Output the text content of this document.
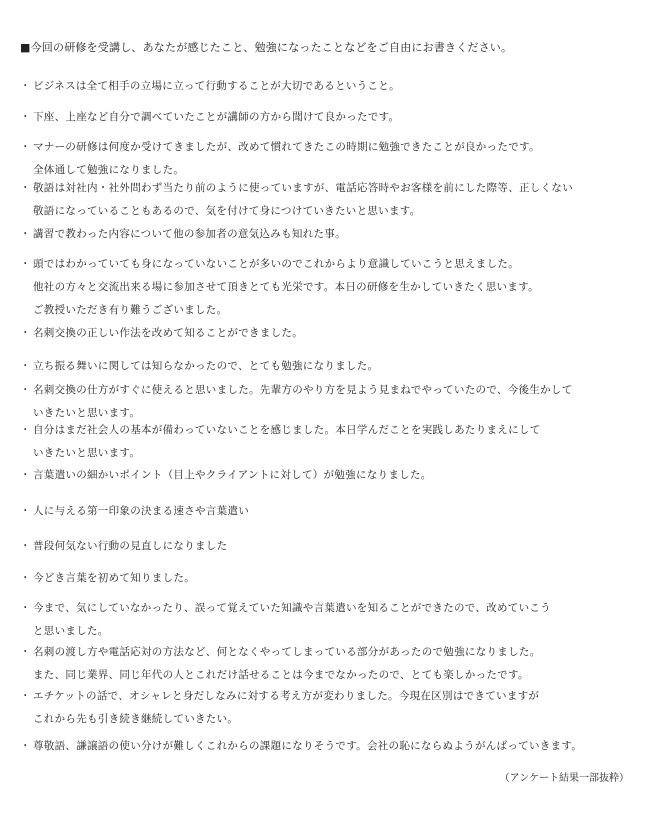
■今回の研修を受講し、あなたが感じたこと、勉強になったことなどをご自由にお書きください。
・ ビジネスは全て相手の立場に立って行動することが大切であるということ。
・ 下座、上座など自分で調べていたことが講師の方から聞けて良かったです。
・ マナーの研修は何度か受けてきましたが、改めて慣れてきたこの時期に勉強できたことが良かったです。
全体通して勉強になりました。
・ 敬語は対社内・社外問わず当たり前のように使っていますが、電話応答時やお客様を前にした際等、正しくない
敬語になっていることもあるので、気を付けて身につけていきたいと思います。
・ 講習で教わった内容について他の参加者の意気込みも知れた事。
・ 頭ではわかっていても身になっていないことが多いのでこれからより意識していこうと思えました。
他社の方々と交流出来る場に参加させて頂きとても光栄です。本日の研修を生かしていきたく思います。
ご教授いただき有り難うございました。
・ 名刺交換の正しい作法を改めて知ることができました。
・ 立ち振る舞いに関しては知らなかったので、とても勉強になりました。
・ 名刺交換の仕方がすぐに使えると思いました。先輩方のやり方を見よう見まねでやっていたので、今後生かして
いきたいと思います。
・ 自分はまだ社会人の基本が備わっていないことを感じました。本日学んだことを実践しあたりまえにして
いきたいと思います。
・ 言葉遣いの細かいポイント（目上やクライアントに対して）が勉強になりました。
・ 人に与える第一印象の決まる速さや言葉遣い
・ 普段何気ない行動の見直しになりました
・ 今どき言葉を初めて知りました。
・ 今まで、気にしていなかったり、誤って覚えていた知識や言葉遣いを知ることができたので、改めていこう
と思いました。
・ 名刺の渡し方や電話応対の方法など、何となくやってしまっている部分があったので勉強になりました。
また、同じ業界、同じ年代の人とこれだけ話せることは今までなかったので、とても楽しかったです。
・ エチケットの話で、オシャレと身だしなみに対する考え方が変わりました。今現在区別はできていますが
これから先も引き続き継続していきたい。
・ 尊敬語、謙譲語の使い分けが難しくこれからの課題になりそうです。会社の恥にならぬようがんばっていきます。
（アンケート結果一部抜粋）
